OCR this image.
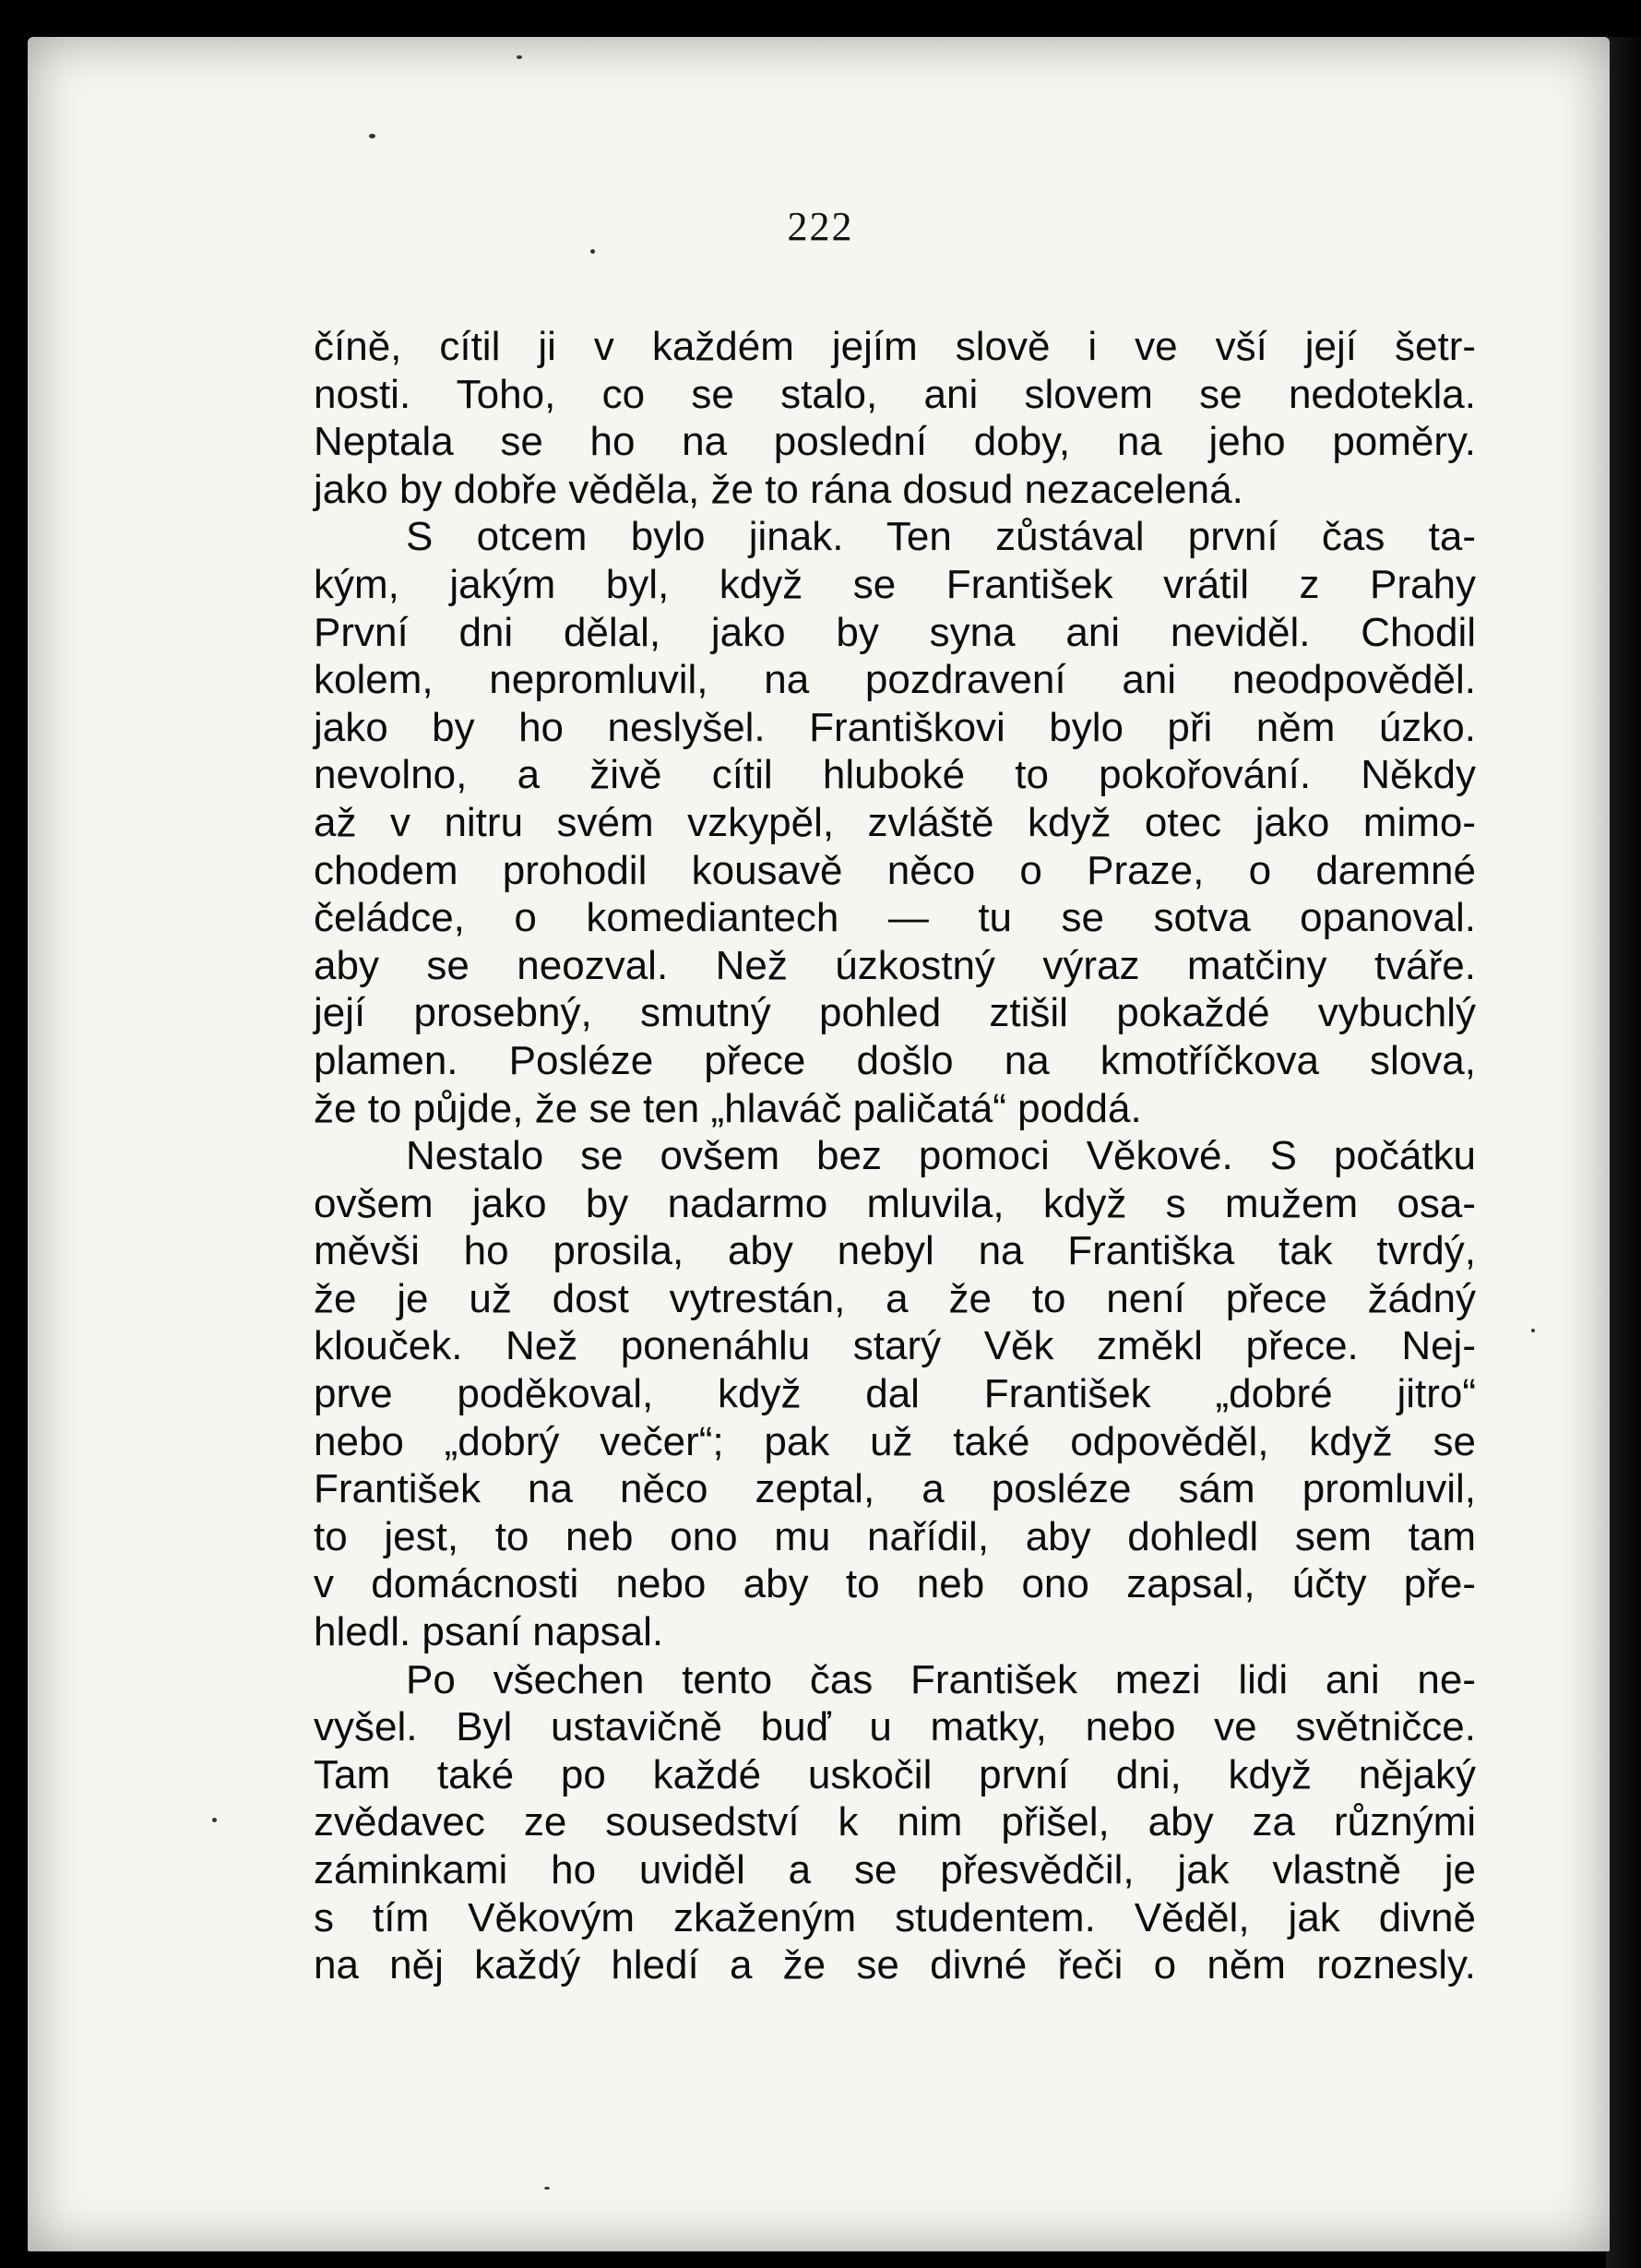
222
číně, cítil ji v každém jejím slově i ve vší její šetr-
nosti. Toho, co se stalo, ani slovem se nedotekla.
Neptala se ho na poslední doby, na jeho poměry.
jako by dobře věděla, že to rána dosud nezacelená.
S otcem bylo jinak. Ten zůstával první čas ta-
kým, jakým byl, když se František vrátil z Prahy
První dni dělal, jako by syna ani neviděl. Chodil
kolem, nepromluvil, na pozdravení ani neodpověděl.
jako by ho neslyšel. Františkovi bylo při něm úzko.
nevolno, a živě cítil hluboké to pokořování. Někdy
až v nitru svém vzkypěl, zvláště když otec jako mimo-
chodem prohodil kousavě něco o Praze, o daremné
čeládce, o komediantech — tu se sotva opanoval.
aby se neozval. Než úzkostný výraz matčiny tváře.
její prosebný, smutný pohled ztišil pokaždé vybuchlý
plamen. Posléze přece došlo na kmotříčkova slova,
že to půjde, že se ten „hlaváč paličatá“ poddá.
Nestalo se ovšem bez pomoci Věkové. S počátku
ovšem jako by nadarmo mluvila, když s mužem osa-
měvši ho prosila, aby nebyl na Františka tak tvrdý,
že je už dost vytrestán, a že to není přece žádný
klouček. Než ponenáhlu starý Věk změkl přece. Nej-
prve poděkoval, když dal František „dobré jitro“
nebo „dobrý večer“; pak už také odpověděl, když se
František na něco zeptal, a posléze sám promluvil,
to jest, to neb ono mu nařídil, aby dohledl sem tam
v domácnosti nebo aby to neb ono zapsal, účty pře-
hledl. psaní napsal.
Po všechen tento čas František mezi lidi ani ne-
vyšel. Byl ustavičně buď u matky, nebo ve světničce.
Tam také po každé uskočil první dni, když nějaký
zvědavec ze sousedství k nim přišel, aby za různými
záminkami ho uviděl a se přesvědčil, jak vlastně je
s tím Věkovým zkaženým studentem. Věděl, jak divně
na něj každý hledí a že se divné řeči o něm roznesly.
